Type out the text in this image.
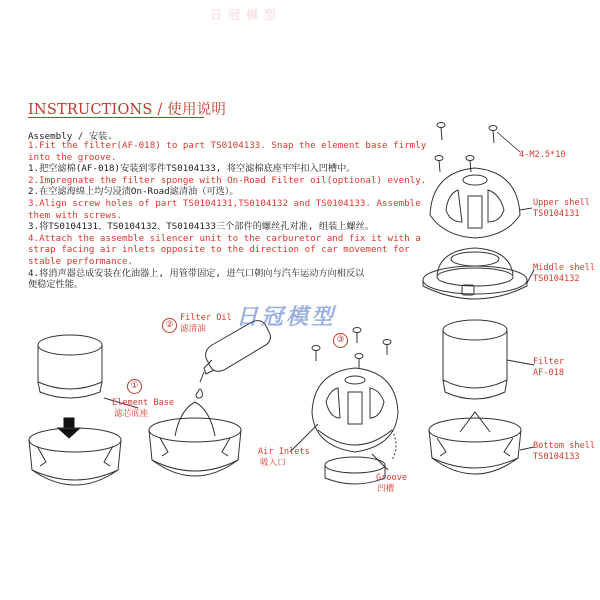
日冠模型
INSTRUCTIONS / 使用说明
Assembly / 安装.

1.Fit the filter(AF-018) to part TS0104133. Snap the element base firmly

into the groove.

1.把空滤棉(AF-018)安装到零件TS0104133, 将空滤棉底座牢牢扣入凹槽中。

2.Impregnate the filter sponge with On-Road Filter oil(optional) evenly.

2.在空滤海绵上均匀浸渍On-Road滤清油（可选）。

3.Align screw holes of part TS0104131,TS0104132 and TS0104133. Assemble

them with screws.

3.将TS0104131、TS0104132、TS0104133三个部件的螺丝孔对准, 组装上螺丝。

4.Attach the assemble silencer unit to the carburetor and fix it with a

strap facing air inlets opposite to the direction of car movement for

stable performance.

4.将消声器总成安装在化油器上, 用管带固定, 进气口朝向与汽车运动方向相反以

便稳定性能。

日冠模型
4-M2.5*10
Upper shell
TS0104131
Middle shell
TS0104132
Filter
AF-018
Bottom shell
TS0104133
①
Element Base
滤芯底座
②
Filter Oil
滤清油
③
Air Inlets
吸入口
Groove
凹槽
